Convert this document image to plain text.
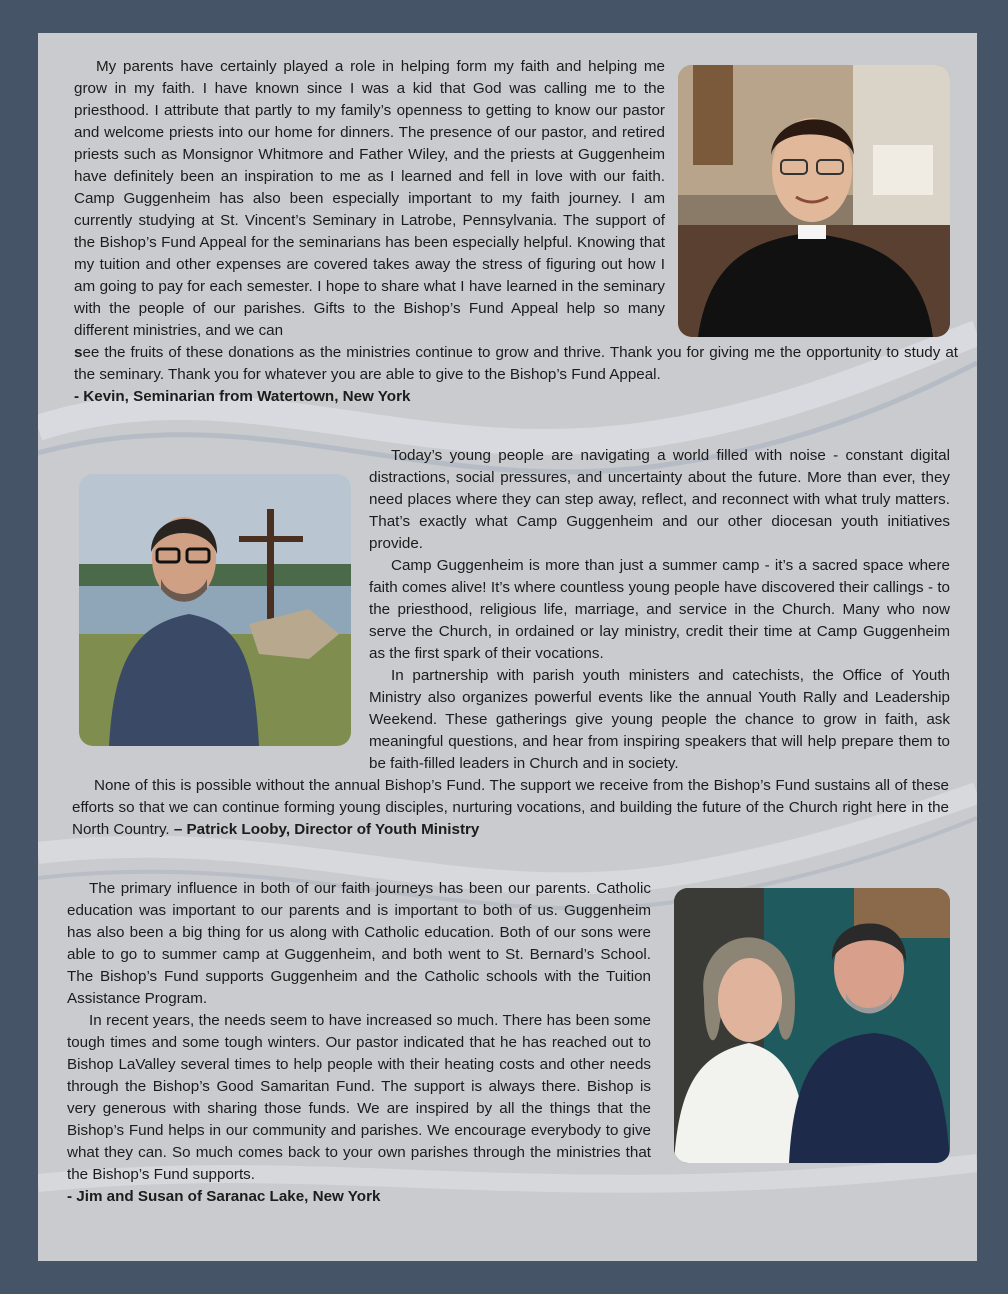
My parents have certainly played a role in helping form my faith and helping me grow in my faith. I have known since I was a kid that God was calling me to the priesthood. I attribute that partly to my family’s openness to getting to know our pastor and welcome priests into our home for dinners. The presence of our pastor, and retired priests such as Monsignor Whitmore and Father Wiley, and the priests at Guggenheim have definitely been an inspiration to me as I learned and fell in love with our faith. Camp Guggenheim has also been especially important to my faith journey. I am currently studying at St. Vincent’s Seminary in Latrobe, Pennsylvania. The support of the Bishop’s Fund Appeal for the seminarians has been especially helpful. Knowing that my tuition and other expenses are covered takes away the stress of figuring out how I am going to pay for each semester. I hope to share what I have learned in the seminary with the people of our parishes. Gifts to the Bishop’s Fund Appeal help so many different ministries, and we can

see the fruits of these donations as the ministries continue to grow and thrive. Thank you for giving me the opportunity to study at the seminary. Thank you for whatever you are able to give to the Bishop’s Fund Appeal.

- Kevin, Seminarian from Watertown, New York

Today’s young people are navigating a world filled with noise - constant digital distractions, social pressures, and uncertainty about the future. More than ever, they need places where they can step away, reflect, and reconnect with what truly matters. That’s exactly what Camp Guggenheim and our other diocesan youth initiatives provide.

Camp Guggenheim is more than just a summer camp - it’s a sacred space where faith comes alive! It’s where countless young people have discovered their callings - to the priesthood, religious life, marriage, and service in the Church. Many who now serve the Church, in ordained or lay ministry, credit their time at Camp Guggenheim as the first spark of their vocations.

In partnership with parish youth ministers and catechists, the Office of Youth Ministry also organizes powerful events like the annual Youth Rally and Leadership Weekend. These gatherings give young people the chance to grow in faith, ask meaningful questions, and hear from inspiring speakers that will help prepare them to be faith-filled leaders in Church and in society.

None of this is possible without the annual Bishop’s Fund. The support we receive from the Bishop’s Fund sustains all of these efforts so that we can continue forming young disciples, nurturing vocations, and building the future of the Church right here in the North Country. – Patrick Looby, Director of Youth Ministry

The primary influence in both of our faith journeys has been our parents. Catholic education was important to our parents and is important to both of us. Guggenheim has also been a big thing for us along with Catholic education. Both of our sons were able to go to summer camp at Guggenheim, and both went to St. Bernard’s School. The Bishop’s Fund supports Guggenheim and the Catholic schools with the Tuition Assistance Program.

In recent years, the needs seem to have increased so much. There has been some tough times and some tough winters. Our pastor indicated that he has reached out to Bishop LaValley several times to help people with their heating costs and other needs through the Bishop’s Good Samaritan Fund. The support is always there. Bishop is very generous with sharing those funds. We are inspired by all the things that the Bishop’s Fund helps in our community and parishes. We encourage everybody to give what they can. So much comes back to your own parishes through the ministries that the Bishop’s Fund supports.

- Jim and Susan of Saranac Lake, New York
